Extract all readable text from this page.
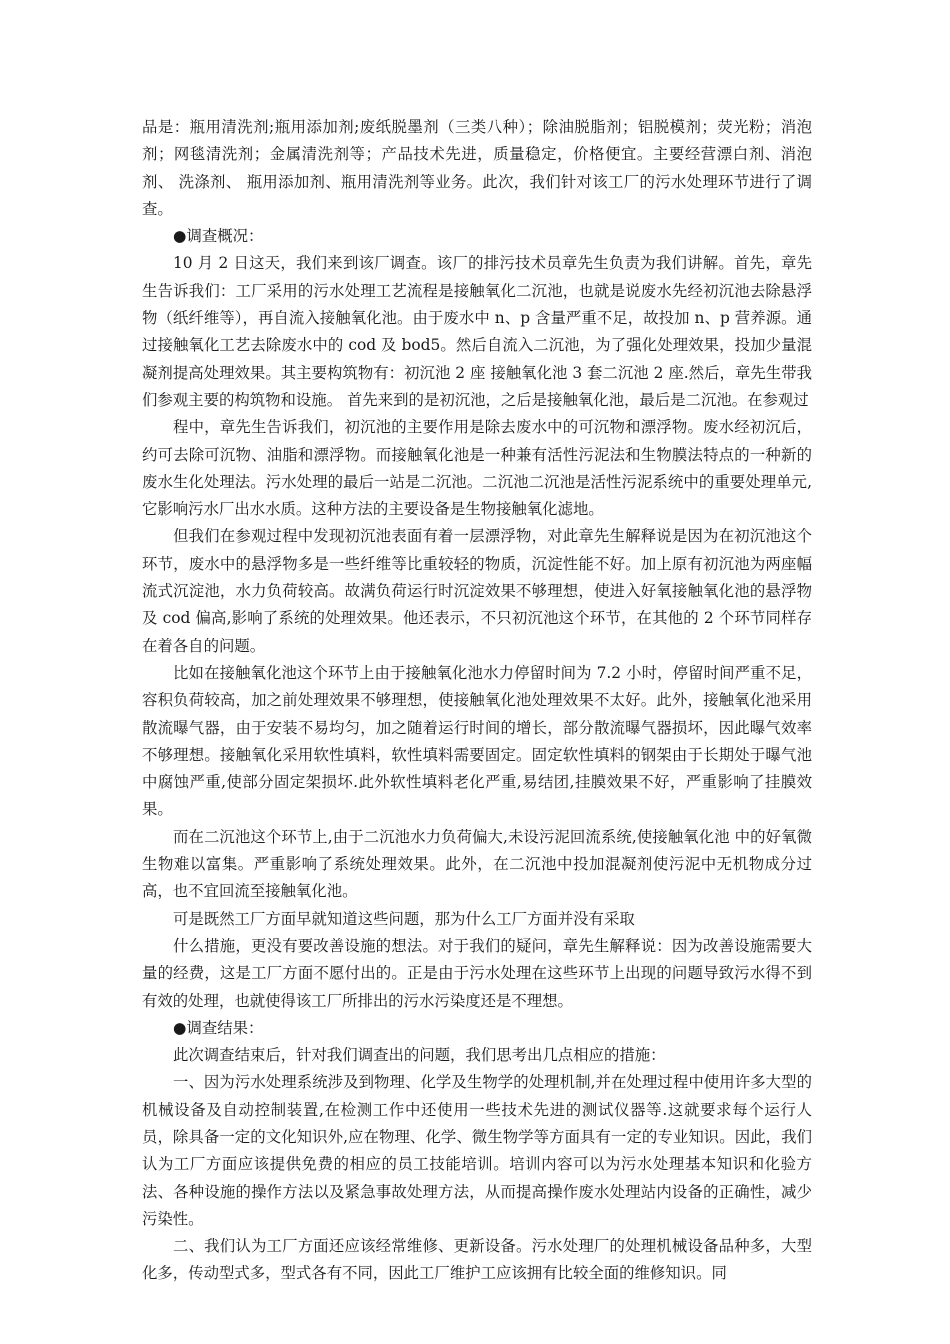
品是：瓶用清洗剂;瓶用添加剂;废纸脱墨剂（三类八种）；除油脱脂剂；铝脱模剂；荧光粉；消泡剂；网毯清洗剂；金属清洗剂等；产品技术先进，质量稳定，价格便宜。主要经营漂白剂、消泡剂、 洗涤剂、 瓶用添加剂、瓶用清洗剂等业务。此次，我们针对该工厂的污水处理环节进行了调查。

●调查概况：

10 月 2 日这天，我们来到该厂调查。该厂的排污技术员章先生负责为我们讲解。首先，章先生告诉我们：工厂采用的污水处理工艺流程是接触氧化二沉池，也就是说废水先经初沉池去除悬浮物（纸纤维等），再自流入接触氧化池。由于废水中 n、p 含量严重不足，故投加 n、p 营养源。通过接触氧化工艺去除废水中的 cod 及 bod5。然后自流入二沉池，为了强化处理效果，投加少量混凝剂提高处理效果。其主要构筑物有：初沉池 2 座 接触氧化池 3 套二沉池 2 座.然后，章先生带我们参观主要的构筑物和设施。 首先来到的是初沉池，之后是接触氧化池，最后是二沉池。在参观过

程中，章先生告诉我们，初沉池的主要作用是除去废水中的可沉物和漂浮物。废水经初沉后，约可去除可沉物、油脂和漂浮物。而接触氧化池是一种兼有活性污泥法和生物膜法特点的一种新的废水生化处理法。污水处理的最后一站是二沉池。二沉池二沉池是活性污泥系统中的重要处理单元,它影响污水厂出水水质。这种方法的主要设备是生物接触氧化滤地。

但我们在参观过程中发现初沉池表面有着一层漂浮物，对此章先生解释说是因为在初沉池这个环节，废水中的悬浮物多是一些纤维等比重较轻的物质，沉淀性能不好。加上原有初沉池为两座幅流式沉淀池，水力负荷较高。故满负荷运行时沉淀效果不够理想，使进入好氧接触氧化池的悬浮物及 cod 偏高,影响了系统的处理效果。他还表示，不只初沉池这个环节，在其他的 2 个环节同样存在着各自的问题。

比如在接触氧化池这个环节上由于接触氧化池水力停留时间为 7.2 小时，停留时间严重不足，容积负荷较高，加之前处理效果不够理想，使接触氧化池处理效果不太好。此外，接触氧化池采用散流曝气器，由于安装不易均匀，加之随着运行时间的增长，部分散流曝气器损坏，因此曝气效率不够理想。接触氧化采用软性填料，软性填料需要固定。固定软性填料的钢架由于长期处于曝气池中腐蚀严重,使部分固定架损坏.此外软性填料老化严重,易结团,挂膜效果不好，严重影响了挂膜效果。

而在二沉池这个环节上,由于二沉池水力负荷偏大,未设污泥回流系统,使接触氧化池 中的好氧微生物难以富集。严重影响了系统处理效果。此外，在二沉池中投加混凝剂使污泥中无机物成分过高，也不宜回流至接触氧化池。

可是既然工厂方面早就知道这些问题，那为什么工厂方面并没有采取

什么措施，更没有要改善设施的想法。对于我们的疑问，章先生解释说：因为改善设施需要大量的经费，这是工厂方面不愿付出的。正是由于污水处理在这些环节上出现的问题导致污水得不到有效的处理，也就使得该工厂所排出的污水污染度还是不理想。

●调查结果：

此次调查结束后，针对我们调查出的问题，我们思考出几点相应的措施：

一、因为污水处理系统涉及到物理、化学及生物学的处理机制,并在处理过程中使用许多大型的机械设备及自动控制装置,在检测工作中还使用一些技术先进的测试仪器等.这就要求每个运行人员，除具备一定的文化知识外,应在物理、化学、微生物学等方面具有一定的专业知识。因此，我们认为工厂方面应该提供免费的相应的员工技能培训。培训内容可以为污水处理基本知识和化验方法、各种设施的操作方法以及紧急事故处理方法，从而提高操作废水处理站内设备的正确性，减少污染性。

二、我们认为工厂方面还应该经常维修、更新设备。污水处理厂的处理机械设备品种多，大型化多，传动型式多，型式各有不同，因此工厂维护工应该拥有比较全面的维修知识。同
